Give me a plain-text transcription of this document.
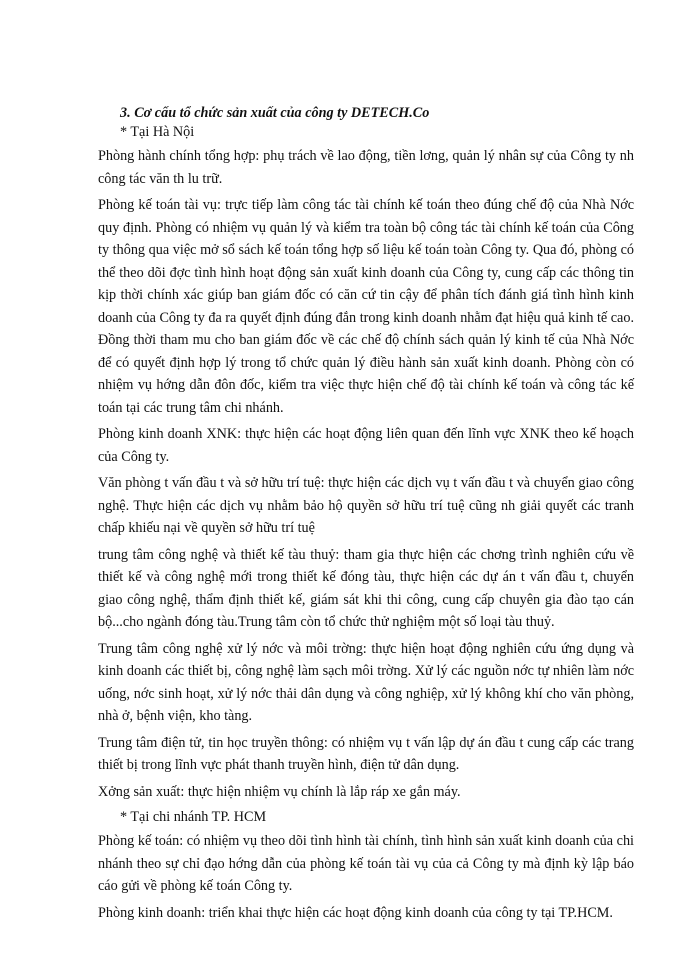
3. Cơ cấu tổ chức sản xuất của công ty DETECH.Co
* Tại Hà Nội

Phòng hành chính tổng hợp: phụ trách về lao động, tiền lơng, quản lý nhân sự của Công ty nh công tác văn th lu trữ.

Phòng kế toán tài vụ: trực tiếp làm công tác tài chính kế toán theo đúng chế độ của Nhà Nớc quy định. Phòng có nhiệm vụ quản lý và kiểm tra toàn bộ công tác tài chính kế toán của Công ty thông qua việc mở sổ sách kế toán tổng hợp số liệu kế toán toàn Công ty. Qua đó, phòng có thể theo dõi đợc tình hình hoạt động sản xuất kinh doanh của Công ty, cung cấp các thông tin kịp thời chính xác giúp ban giám đốc có căn cứ tin cậy để phân tích đánh giá tình hình kinh doanh của Công ty đa ra quyết định đúng đắn trong kinh doanh nhằm đạt hiệu quả kinh tế cao. Đồng thời tham mu cho ban giám đốc về các chế độ chính sách quản lý kinh tế của Nhà Nớc để có quyết định hợp lý trong tổ chức quản lý điều hành sản xuất kinh doanh. Phòng còn có nhiệm vụ hớng dẫn đôn đốc, kiểm tra việc thực hiện chế độ tài chính kế toán và công tác kế toán tại các trung tâm chi nhánh.

Phòng kinh doanh XNK: thực hiện các hoạt động liên quan đến lĩnh vực XNK theo kế hoạch của Công ty.

Văn phòng t vấn đầu t và sở hữu trí tuệ: thực hiện các dịch vụ t vấn đầu t và chuyển giao công nghệ. Thực hiện các dịch vụ nhằm bảo hộ quyền sở hữu trí tuệ cũng nh giải quyết các tranh chấp khiếu nại về quyền sở hữu trí tuệ

trung tâm công nghệ và thiết kế tàu thuỷ: tham gia thực hiện các chơng trình nghiên cứu về thiết kế và công nghệ mới trong thiết kế đóng tàu, thực hiện các dự án t vấn đầu t, chuyển giao công nghệ, thẩm định thiết kế, giám sát khi thi công, cung cấp chuyên gia đào tạo cán bộ...cho ngành đóng tàu.Trung tâm còn tổ chức thử nghiệm một số loại tàu thuỷ.

Trung tâm công nghệ xử lý nớc và môi trờng: thực hiện hoạt động nghiên cứu ứng dụng và kinh doanh các thiết bị, công nghệ làm sạch môi trờng. Xử lý các nguồn nớc tự nhiên làm nớc uống, nớc sinh hoạt, xử lý nớc thải dân dụng và công nghiệp, xử lý không khí cho văn phòng, nhà ở, bệnh viện, kho tàng.

Trung tâm điện tử, tin học truyền thông: có nhiệm vụ t vấn lập dự án đầu t cung cấp các trang thiết bị trong lĩnh vực phát thanh truyền hình, điện tử dân dụng.

Xởng sản xuất: thực hiện nhiệm vụ chính là lắp ráp xe gắn máy.

* Tại chi nhánh TP. HCM

Phòng kế toán: có nhiệm vụ theo dõi tình hình tài chính, tình hình sản xuất kinh doanh của chi nhánh theo sự chỉ đạo hớng dẫn của phòng kế toán tài vụ của cả Công ty mà định kỳ lập báo cáo gửi về phòng kế toán Công ty.

Phòng kinh doanh: triển khai thực hiện các hoạt động kinh doanh của công ty tại TP.HCM.
